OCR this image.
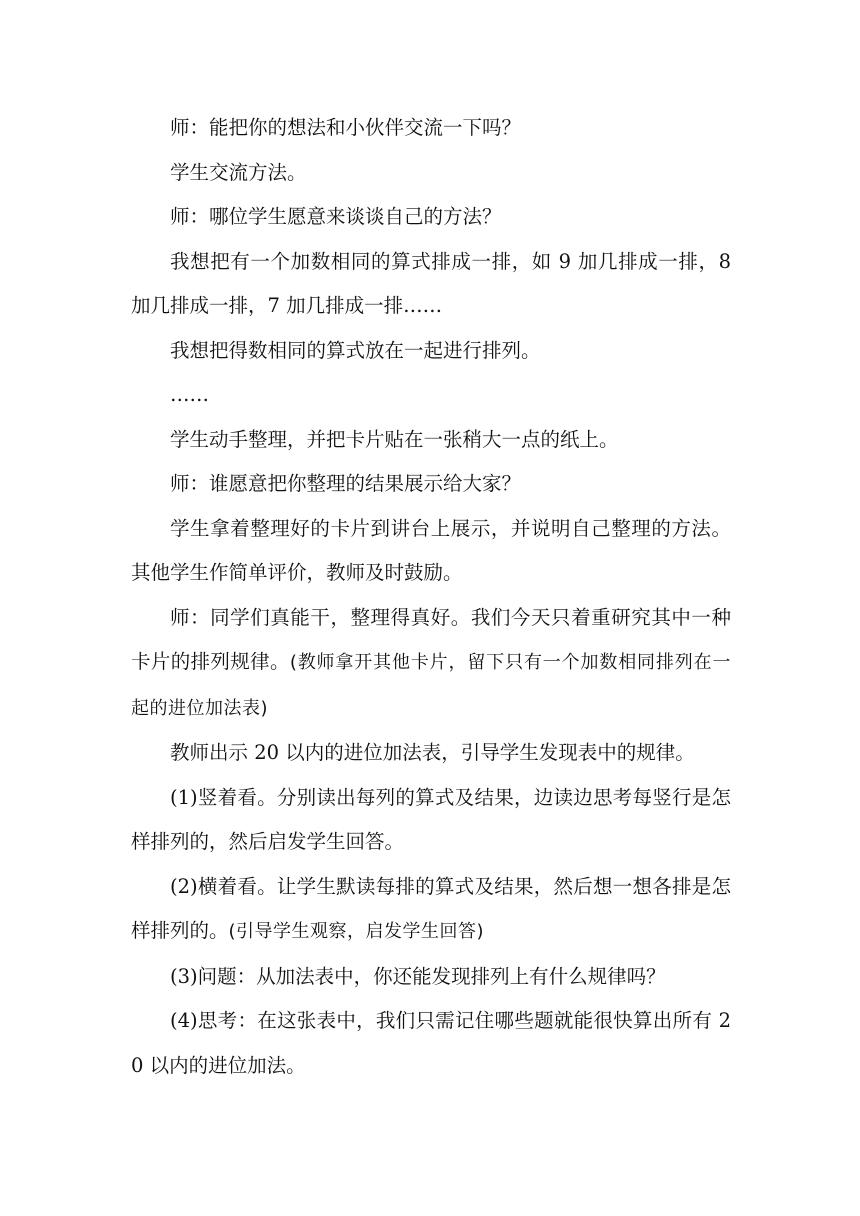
师：能把你的想法和小伙伴交流一下吗？

学生交流方法。

师：哪位学生愿意来谈谈自己的方法？

我想把有一个加数相同的算式排成一排，如 9 加几排成一排，8 加几排成一排，7 加几排成一排……

我想把得数相同的算式放在一起进行排列。

……

学生动手整理，并把卡片贴在一张稍大一点的纸上。

师：谁愿意把你整理的结果展示给大家？

学生拿着整理好的卡片到讲台上展示，并说明自己整理的方法。其他学生作简单评价，教师及时鼓励。

师：同学们真能干，整理得真好。我们今天只着重研究其中一种卡片的排列规律。(教师拿开其他卡片，留下只有一个加数相同排列在一起的进位加法表)

教师出示 20 以内的进位加法表，引导学生发现表中的规律。

(1)竖着看。分别读出每列的算式及结果，边读边思考每竖行是怎样排列的，然后启发学生回答。

(2)横着看。让学生默读每排的算式及结果，然后想一想各排是怎样排列的。(引导学生观察，启发学生回答)

(3)问题：从加法表中，你还能发现排列上有什么规律吗？

(4)思考：在这张表中，我们只需记住哪些题就能很快算出所有 20 以内的进位加法。
